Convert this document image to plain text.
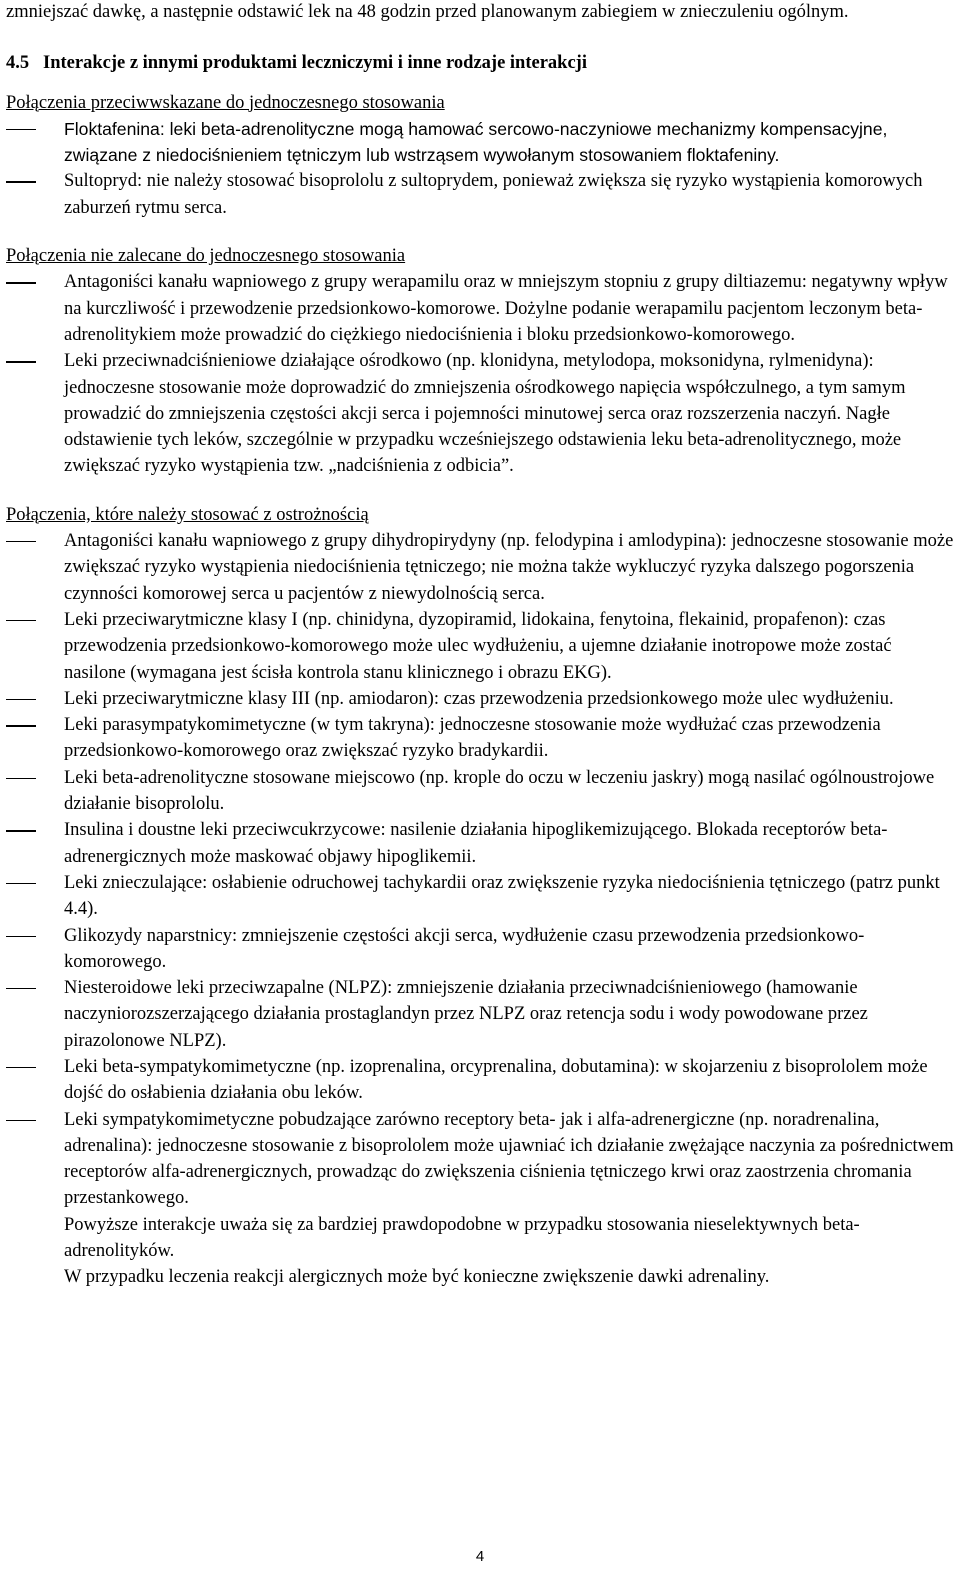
zmniejszać dawkę, a następnie odstawić lek na 48 godzin przed planowanym zabiegiem w znieczuleniu ogólnym.
4.5	Interakcje z innymi produktami leczniczymi i inne rodzaje interakcji
Połączenia przeciwwskazane do jednoczesnego stosowania
Floktafenina: leki beta-adrenolityczne mogą hamować sercowo-naczyniowe mechanizmy kompensacyjne, związane z niedociśnieniem tętniczym lub wstrząsem wywołanym stosowaniem floktafeniny.
Sultopryd: nie należy stosować bisoprololu z sultoprydem, ponieważ zwiększa się ryzyko wystąpienia komorowych zaburzeń rytmu serca.
Połączenia nie zalecane do jednoczesnego stosowania
Antagoniści kanału wapniowego z grupy werapamilu oraz w mniejszym stopniu z grupy diltiazemu: negatywny wpływ na kurczliwość i przewodzenie przedsionkowo-komorowe. Dożylne podanie werapamilu pacjentom leczonym beta-adrenolitykiem może prowadzić do ciężkiego niedociśnienia i bloku przedsionkowo-komorowego.
Leki przeciwnadciśnieniowe działające ośrodkowo (np. klonidyna, metylodopa, moksonidyna, rylmenidyna): jednoczesne stosowanie może doprowadzić do zmniejszenia ośrodkowego napięcia współczulnego, a tym samym prowadzić do zmniejszenia częstości akcji serca i pojemności minutowej serca oraz rozszerzenia naczyń. Nagłe odstawienie tych leków, szczególnie w przypadku wcześniejszego odstawienia leku beta-adrenolitycznego, może zwiększać ryzyko wystąpienia tzw. „nadciśnienia z odbicia”.
Połączenia, które należy stosować z ostrożnością
Antagoniści kanału wapniowego z grupy dihydropirydyny (np. felodypina i amlodypina): jednoczesne stosowanie może zwiększać ryzyko wystąpienia niedociśnienia tętniczego; nie można także wykluczyć ryzyka dalszego pogorszenia czynności komorowej serca u pacjentów z niewydolnością serca.
Leki przeciwarytmiczne klasy I (np. chinidyna, dyzopiramid, lidokaina, fenytoina, flekainid, propafenon): czas przewodzenia przedsionkowo-komorowego może ulec wydłużeniu, a ujemne działanie inotropowe może zostać nasilone (wymagana jest ścisła kontrola stanu klinicznego i obrazu EKG).
Leki przeciwarytmiczne klasy III (np. amiodaron): czas przewodzenia przedsionkowego może ulec wydłużeniu.
Leki parasympatykomimetyczne (w tym takryna): jednoczesne stosowanie może wydłużać czas przewodzenia przedsionkowo-komorowego oraz zwiększać ryzyko bradykardii.
Leki beta-adrenolityczne stosowane miejscowo (np. krople do oczu w leczeniu jaskry) mogą nasilać ogólnoustrojowe działanie bisoprololu.
Insulina i doustne leki przeciwcukrzycowe: nasilenie działania hipoglikemizującego. Blokada receptorów beta-adrenergicznych może maskować objawy hipoglikemii.
Leki znieczulające: osłabienie odruchowej tachykardii oraz zwiększenie ryzyka niedociśnienia tętniczego (patrz punkt 4.4).
Glikozydy naparstnicy: zmniejszenie częstości akcji serca, wydłużenie czasu przewodzenia przedsionkowo- komorowego.
Niesteroidowe leki przeciwzapalne (NLPZ): zmniejszenie działania przeciwnadciśnieniowego (hamowanie naczyniorozszerzającego działania prostaglandyn przez NLPZ oraz retencja sodu i wody powodowane przez pirazolonowe NLPZ).
Leki beta-sympatykomimetyczne (np. izoprenalina, orcyprenalina, dobutamina): w skojarzeniu z bisoprololem może dojść do osłabienia działania obu leków.
Leki sympatykomimetyczne pobudzające zarówno receptory beta- jak i alfa-adrenergiczne (np. noradrenalina, adrenalina): jednoczesne stosowanie z bisoprololem może ujawniać ich działanie zwężające naczynia za pośrednictwem receptorów alfa-adrenergicznych, prowadząc do zwiększenia ciśnienia tętniczego krwi oraz zaostrzenia chromania przestankowego.
Powyższe interakcje uważa się za bardziej prawdopodobne w przypadku stosowania nieselektywnych beta-adrenolityków.
W przypadku leczenia reakcji alergicznych może być konieczne zwiększenie dawki adrenaliny.
4
